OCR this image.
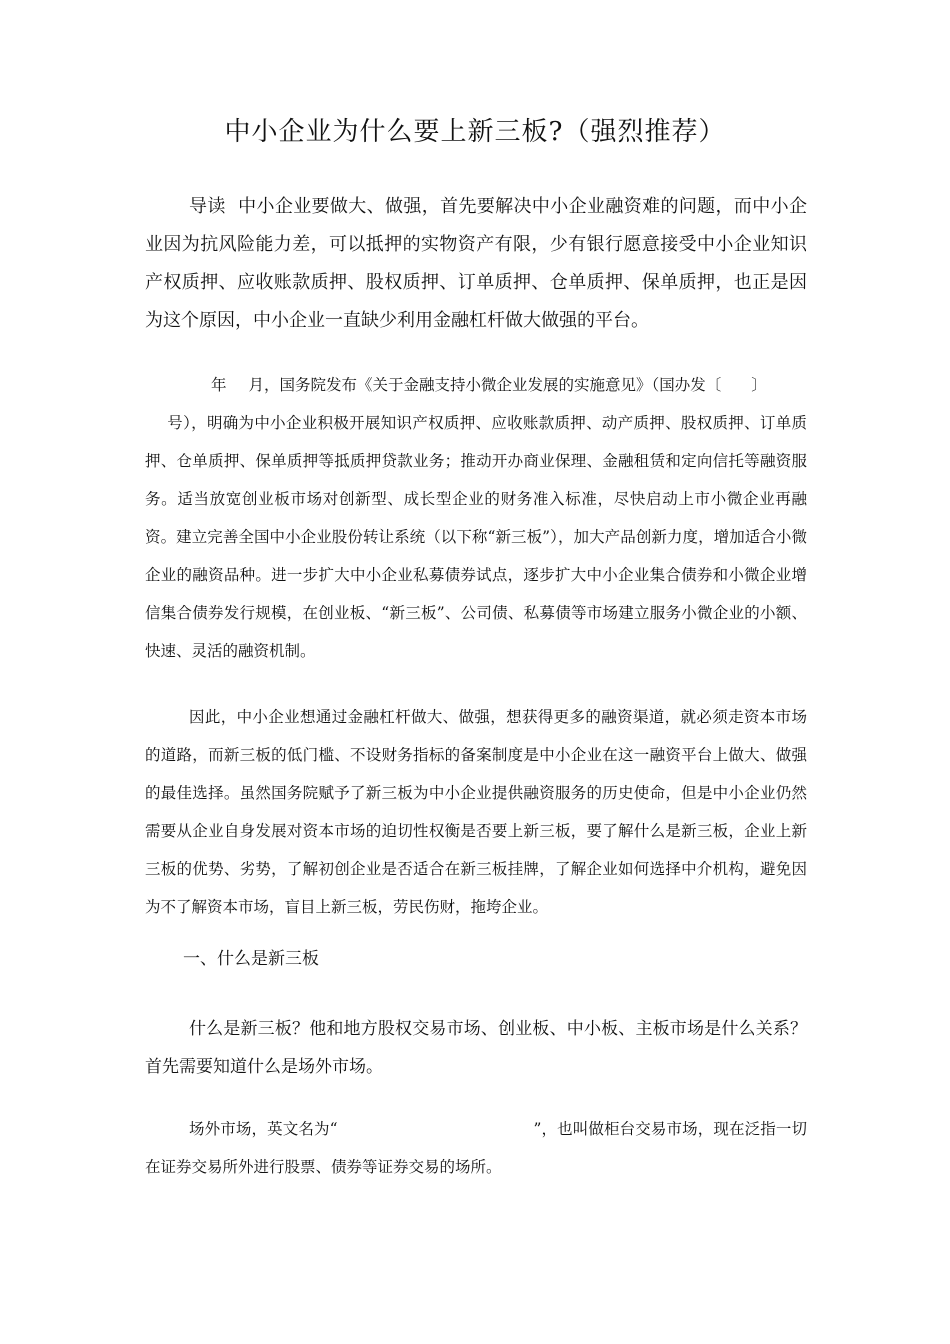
中小企业为什么要上新三板?（强烈推荐）

导读 中小企业要做大、做强，首先要解决中小企业融资难的问题，而中小企业因为抗风险能力差，可以抵押的实物资产有限，少有银行愿意接受中小企业知识产权质押、应收账款质押、股权质押、订单质押、仓单质押、保单质押，也正是因为这个原因，中小企业一直缺少利用金融杠杆做大做强的平台。

年 月，国务院发布《关于金融支持小微企业发展的实施意见》（国办发〔 〕
号），明确为中小企业积极开展知识产权质押、应收账款质押、动产质押、股权质押、订单质押、仓单质押、保单质押等抵质押贷款业务；推动开办商业保理、金融租赁和定向信托等融资服务。适当放宽创业板市场对创新型、成长型企业的财务准入标准，尽快启动上市小微企业再融资。建立完善全国中小企业股份转让系统（以下称“新三板”），加大产品创新力度，增加适合小微企业的融资品种。进一步扩大中小企业私募债券试点，逐步扩大中小企业集合债券和小微企业增信集合债券发行规模，在创业板、“新三板”、公司债、私募债等市场建立服务小微企业的小额、快速、灵活的融资机制。

因此，中小企业想通过金融杠杆做大、做强，想获得更多的融资渠道，就必须走资本市场的道路，而新三板的低门槛、不设财务指标的备案制度是中小企业在这一融资平台上做大、做强的最佳选择。虽然国务院赋予了新三板为中小企业提供融资服务的历史使命，但是中小企业仍然需要从企业自身发展对资本市场的迫切性权衡是否要上新三板，要了解什么是新三板，企业上新三板的优势、劣势，了解初创企业是否适合在新三板挂牌，了解企业如何选择中介机构，避免因为不了解资本市场，盲目上新三板，劳民伤财，拖垮企业。

一、什么是新三板

什么是新三板？他和地方股权交易市场、创业板、中小板、主板市场是什么关系？首先需要知道什么是场外市场。

场外市场，英文名为“	”，也叫做柜台交易市场，现在泛指一切在证券交易所外进行股票、债券等证券交易的场所。
